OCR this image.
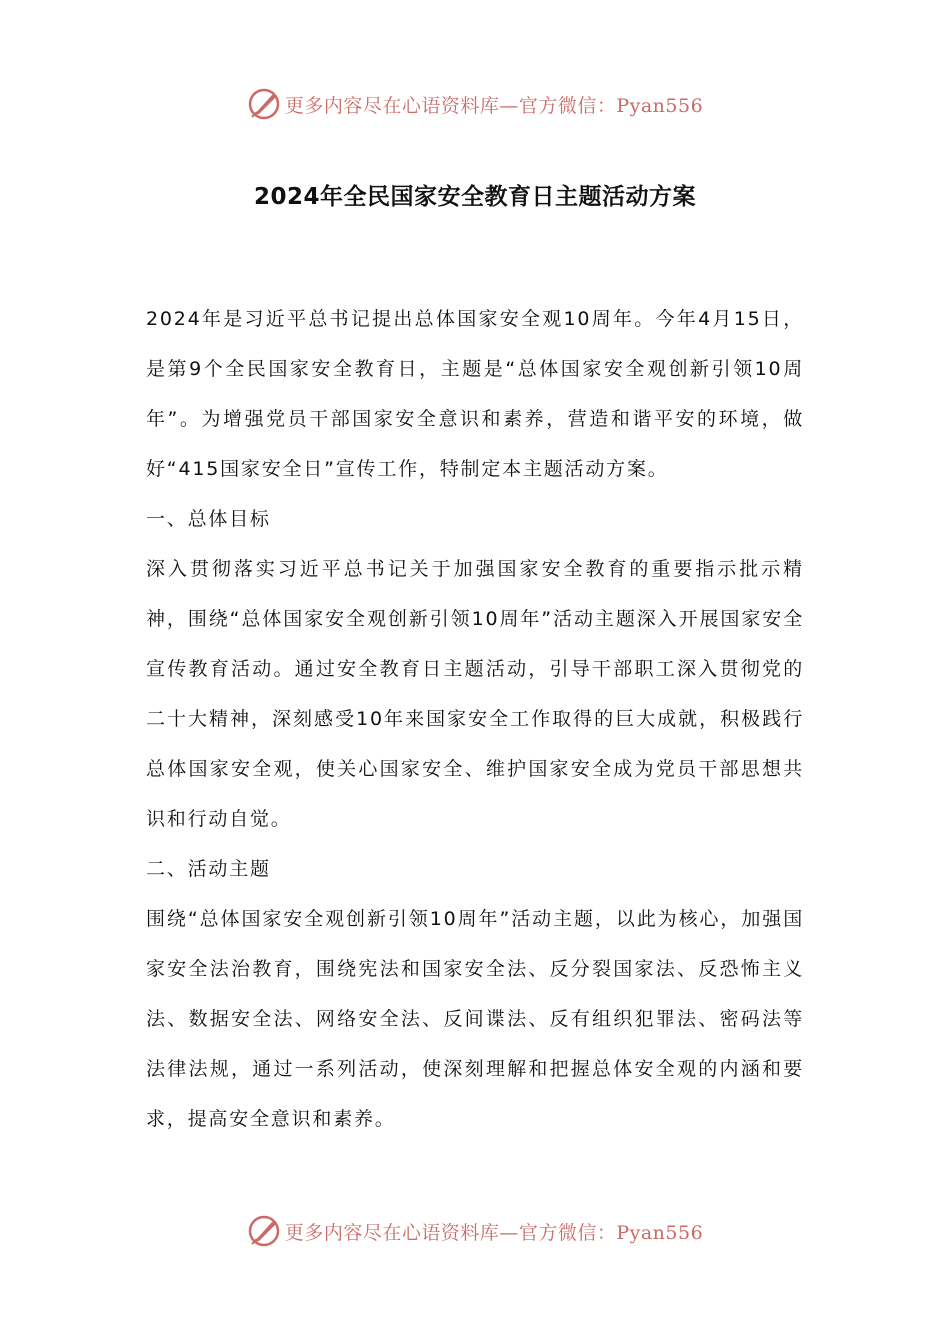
更多内容尽在心语资料库—官方微信：Pyan556
2024年全民国家安全教育日主题活动方案

2024年是习近平总书记提出总体国家安全观10周年。今年4月15日，是第9个全民国家安全教育日，主题是“总体国家安全观创新引领10周年”。为增强党员干部国家安全意识和素养，营造和谐平安的环境，做好“415国家安全日”宣传工作，特制定本主题活动方案。

一、总体目标

深入贯彻落实习近平总书记关于加强国家安全教育的重要指示批示精神，围绕“总体国家安全观创新引领10周年”活动主题深入开展国家安全宣传教育活动。通过安全教育日主题活动，引导干部职工深入贯彻党的二十大精神，深刻感受10年来国家安全工作取得的巨大成就，积极践行总体国家安全观，使关心国家安全、维护国家安全成为党员干部思想共识和行动自觉。

二、活动主题

围绕“总体国家安全观创新引领10周年”活动主题，以此为核心，加强国家安全法治教育，围绕宪法和国家安全法、反分裂国家法、反恐怖主义法、数据安全法、网络安全法、反间谍法、反有组织犯罪法、密码法等法律法规，通过一系列活动，使深刻理解和把握总体安全观的内涵和要求，提高安全意识和素养。

更多内容尽在心语资料库—官方微信：Pyan556
